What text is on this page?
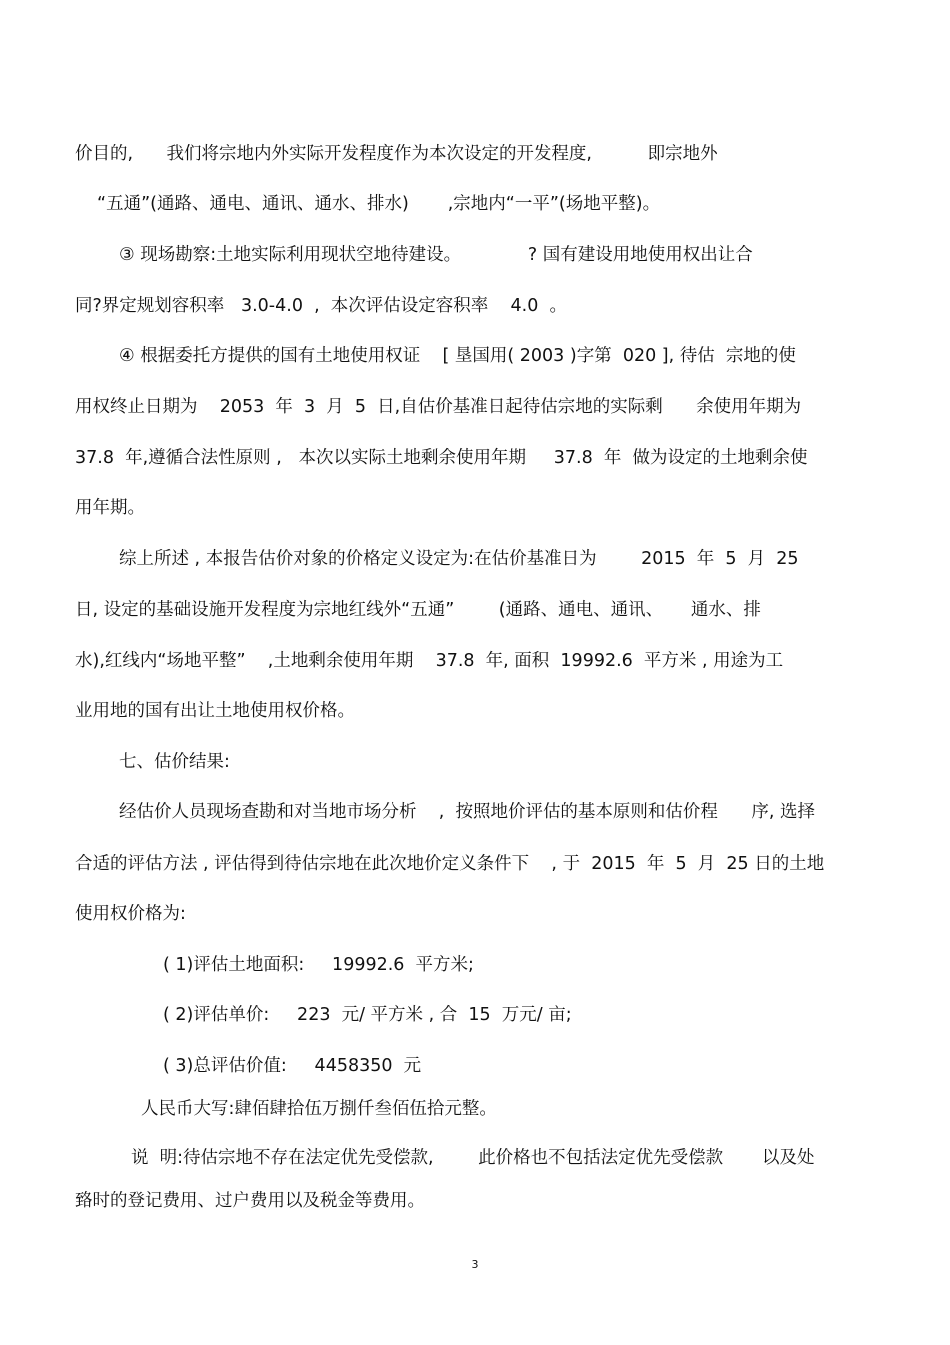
价目的,      我们将宗地内外实际开发程度作为本次设定的开发程度,          即宗地外
“五通”(通路、通电、通讯、通水、排水)       ,宗地内“一平”(场地平整)。
③ 现场勘察:土地实际利用现状空地待建设。            ? 国有建设用地使用权出让合
同?界定规划容积率   3.0-4.0  ,  本次评估设定容积率    4.0  。
④ 根据委托方提供的国有土地使用权证    [ 垦国用( 2003 )字第  020 ], 待估  宗地的使
用权终止日期为    2053  年  3  月  5  日,自估价基准日起待估宗地的实际剩      余使用年期为
37.8  年,遵循合法性原则 ,   本次以实际土地剩余使用年期     37.8  年  做为设定的土地剩余使
用年期。
综上所述 , 本报告估价对象的价格定义设定为:在估价基准日为        2015  年  5  月  25
日, 设定的基础设施开发程度为宗地红线外“五通”        (通路、通电、通讯、     通水、排
水),红线内“场地平整”    ,土地剩余使用年期    37.8  年, 面积  19992.6  平方米 , 用途为工
业用地的国有出让土地使用权价格。
七、估价结果:
经估价人员现场查勘和对当地市场分析    ,  按照地价评估的基本原则和估价程      序, 选择
合适的评估方法 , 评估得到待估宗地在此次地价定义条件下    , 于  2015  年  5  月  25 日的土地
使用权价格为:
( 1)评估土地面积:     19992.6  平方米;
( 2)评估单价:     223  元/ 平方米 , 合  15  万元/ 亩;
( 3)总评估价值:     4458350  元
人民币大写:肆佰肆拾伍万捌仟叁佰伍拾元整。
说  明:待估宗地不存在法定优先受偿款,        此价格也不包括法定优先受偿款       以及处
臵时的登记费用、过户费用以及税金等费用。
3
